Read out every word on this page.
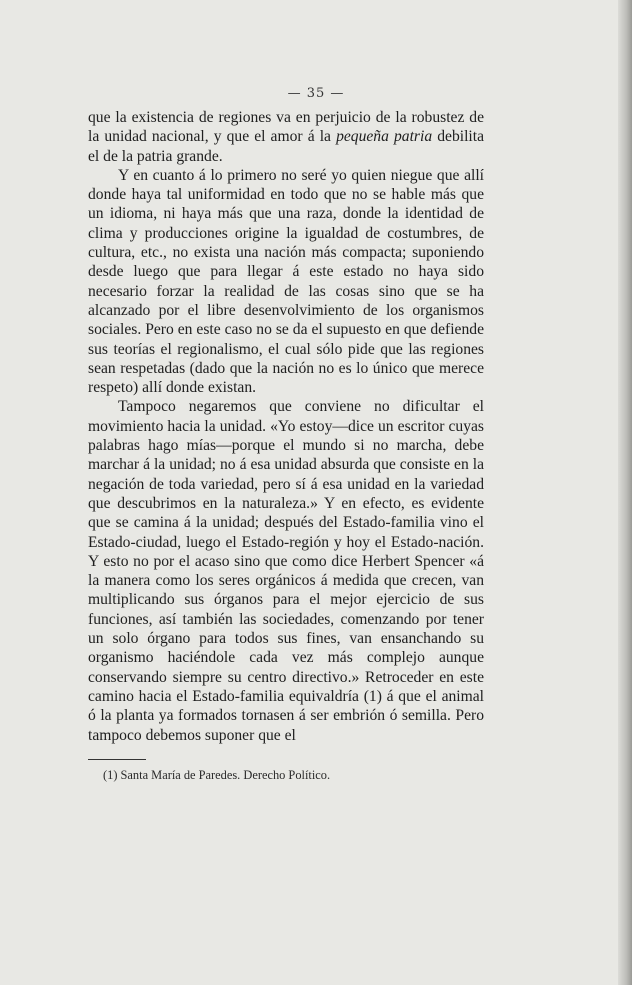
— 35 —

que la existencia de regiones va en perjuicio de la robustez de la unidad nacional, y que el amor á la pequeña patria debilita el de la patria grande.

Y en cuanto á lo primero no seré yo quien niegue que allí donde haya tal uniformidad en todo que no se hable más que un idioma, ni haya más que una raza, donde la identidad de clima y producciones origine la igualdad de costumbres, de cultura, etc., no exista una nación más compacta; suponiendo desde luego que para llegar á este estado no haya sido necesario forzar la realidad de las cosas sino que se ha alcanzado por el libre desenvolvimiento de los organismos sociales. Pero en este caso no se da el supuesto en que defiende sus teorías el regionalismo, el cual sólo pide que las regiones sean respetadas (dado que la nación no es lo único que merece respeto) allí donde existan.

Tampoco negaremos que conviene no dificultar el movimiento hacia la unidad. «Yo estoy—dice un escritor cuyas palabras hago mías—porque el mundo si no marcha, debe marchar á la unidad; no á esa unidad absurda que consiste en la negación de toda variedad, pero sí á esa unidad en la variedad que descubrimos en la naturaleza.» Y en efecto, es evidente que se camina á la unidad; después del Estado-familia vino el Estado-ciudad, luego el Estado-región y hoy el Estado-nación. Y esto no por el acaso sino que como dice Herbert Spencer «á la manera como los seres orgánicos á medida que crecen, van multiplicando sus órganos para el mejor ejercicio de sus funciones, así también las sociedades, comenzando por tener un solo órgano para todos sus fines, van ensanchando su organismo haciéndole cada vez más complejo aunque conservando siempre su centro directivo.» Retroceder en este camino hacia el Estado-familia equivaldría (1) á que el animal ó la planta ya formados tornasen á ser embrión ó semilla. Pero tampoco debemos suponer que el

(1) Santa María de Paredes. Derecho Político.
